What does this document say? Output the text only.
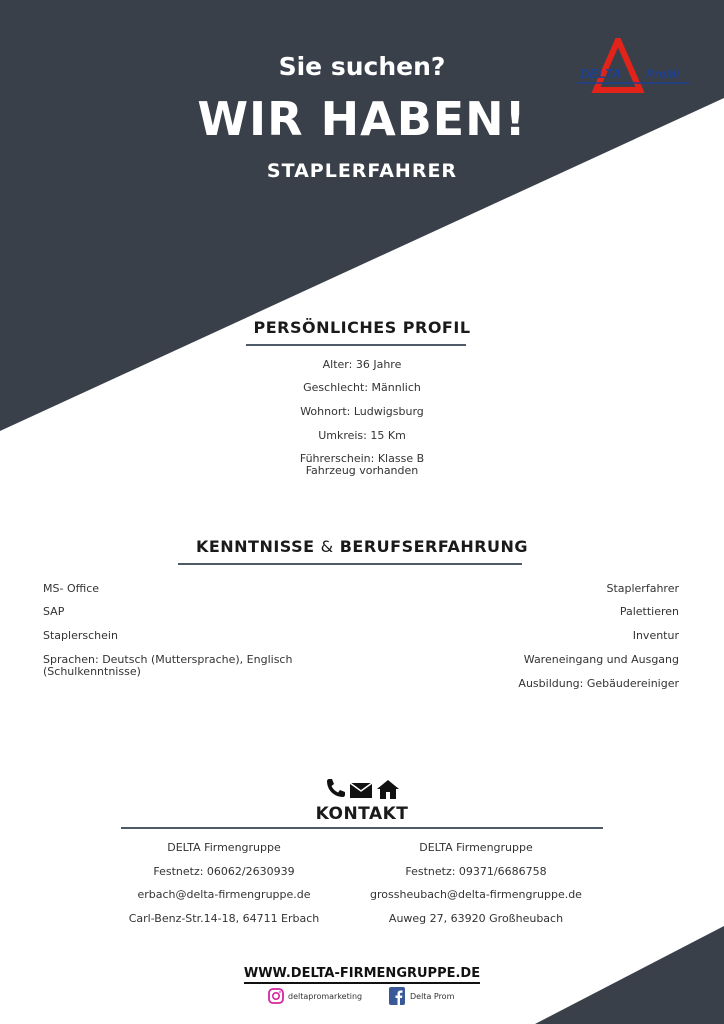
DELTA ProMi
Sie suchen?
WIR HABEN!
STAPLERFAHRER
PERSÖNLICHES PROFIL
Alter: 36 Jahre
Geschlecht: Männlich
Wohnort: Ludwigsburg
Umkreis: 15 Km
Führerschein: Klasse B
Fahrzeug vorhanden
KENNTNISSE & BERUFSERFAHRUNG
MS- Office
SAP
Staplerschein
Sprachen: Deutsch (Muttersprache), Englisch
(Schulkenntnisse)
Staplerfahrer
Palettieren
Inventur
Wareneingang und Ausgang
Ausbildung: Gebäudereiniger
KONTAKT
DELTA Firmengruppe
Festnetz: 06062/2630939
erbach@delta-firmengruppe.de
Carl-Benz-Str.14-18, 64711 Erbach
DELTA Firmengruppe
Festnetz: 09371/6686758
grossheubach@delta-firmengruppe.de
Auweg 27, 63920 Großheubach
WWW.DELTA-FIRMENGRUPPE.DE
deltapromarketing	Delta Prom
